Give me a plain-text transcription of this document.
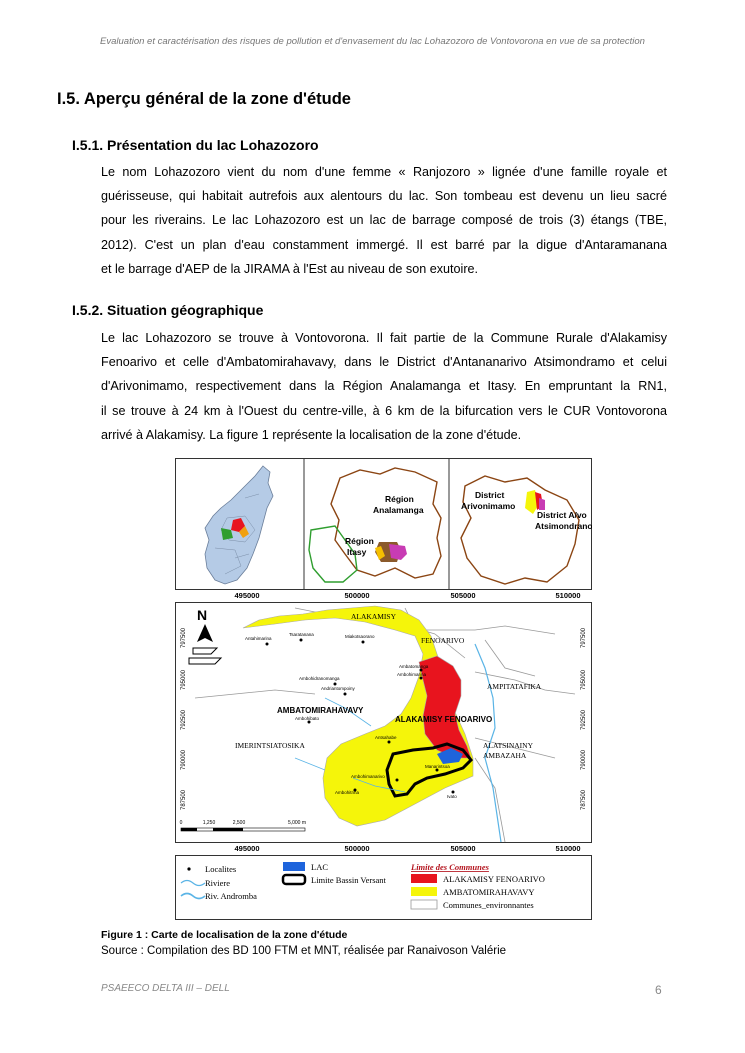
Evaluation et caractérisation des risques de pollution et d'envasement du lac Lohazozoro de Vontovorona en vue de sa protection
I.5. Aperçu général de la zone d'étude
I.5.1. Présentation du lac Lohazozoro
Le nom Lohazozoro vient du nom d'une femme « Ranjozoro » lignée d'une famille royale et
guérisseuse, qui habitait autrefois aux alentours du lac. Son tombeau est devenu un lieu sacré
pour les riverains. Le lac Lohazozoro est un lac de barrage composé de trois (3) étangs (TBE,
2012). C'est un plan d'eau constamment immergé. Il est barré par la digue d'Antaramanana
et le barrage d'AEP de la JIRAMA à l'Est au niveau de son exutoire.
I.5.2. Situation géographique
Le lac Lohazozoro se trouve à Vontovorona. Il fait partie de la Commune Rurale d'Alakamisy
Fenoarivo et celle d'Ambatomirahavavy, dans le District d'Antananarivo Atsimondramo et celui
d'Arivonimamo, respectivement dans la Région Analamanga et Itasy. En empruntant la RN1,
il se trouve à 24 km à l'Ouest du centre-ville, à 6 km de la bifurcation vers le CUR Vontovorona
arrivé à Alakamisy. La figure 1 représente la localisation de la zone d'étude.
Région
Analamanga
Région
Itasy
District
Arivonimamo
District A/vo
Atsimondrano
495000	500000	505000	510000
797500
795000
792500
790000
787500
797500
795000
792500
790000
787500
ALAKAMISY
FENOARIVO
AMPITATAFIKA
AMBATOMIRAHAVAVY
ALAKAMISY FENOARIVO
IMERINTSIATOSIKA	ALATSINAINY
AMBAZAHA
Antahimarina
Tsaratanana	Miakotsaorano
Ambatomanga
Ambohimarina
Ambohidranomanga
Andriantompoiny
Ambohibato
Antsahabe
Manarintsoa
Ambohimanarivo
Ambohitrina
Ivato
N
0	1,250	2,500	5,000 m
495000	500000	505000	510000
Localites
Riviere
Riv. Andromba
LAC
Limite Bassin Versant
Limite des Communes
ALAKAMISY FENOARIVO
AMBATOMIRAHAVAVY
Communes_environnantes
Figure 1 : Carte de localisation de la zone d'étude
Source : Compilation des BD 100 FTM et MNT, réalisée par Ranaivoson Valérie
PSAEECO DELTA III – DELL	6
